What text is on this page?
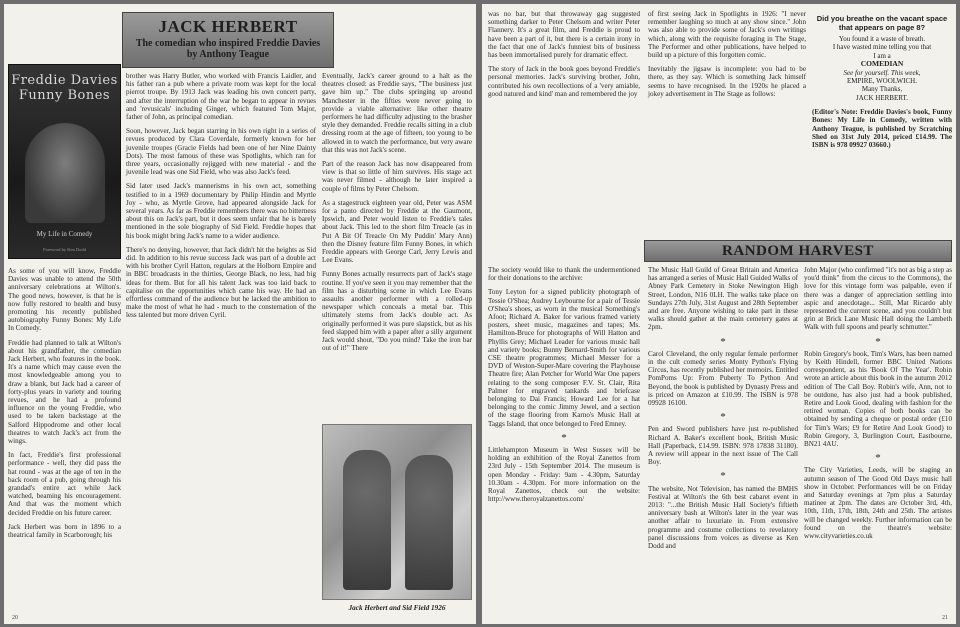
JACK HERBERT
The comedian who inspired Freddie Davies
by Anthony Teague
Freddie Davies
Funny Bones
My Life in Comedy
Foreword by Ken Dodd

As some of you will know, Freddie Davies was unable to attend the 50th anniversary celebrations at Wilton's. The good news, however, is that he is now fully restored to health and busy promoting his recently published autobiography Funny Bones: My Life In Comedy.

Freddie had planned to talk at Wilton's about his grandfather, the comedian Jack Herbert, who features in the book. It's a name which may cause even the most knowledgeable among you to draw a blank, but Jack had a career of forty-plus years in variety and touring revues, and he had a profound influence on the young Freddie, who used to be taken backstage at the Salford Hippodrome and other local theatres to watch Jack's act from the wings.

In fact, Freddie's first professional performance - well, they did pass the hat round - was at the age of ten in the back room of a pub, going through his grandad's entire act while Jack watched, beaming his encouragement. And that was the moment which decided Freddie on his future career.

Jack Herbert was born in 1896 to a theatrical family in Scarborough; his

brother was Harry Butler, who worked with Francis Laidler, and his father ran a pub where a private room was kept for the local pierrot troupe. By 1913 Jack was leading his own concert party, and after the interruption of the war he began to appear in revues and 'revusicals' including Ginger, which featured Tom Major, father of John, as principal comedian.

Soon, however, Jack began starring in his own right in a series of revues produced by Clara Coverdale, formerly known for her juvenile troupes (Gracie Fields had been one of her Nine Dainty Dots). The most famous of these was Spotlights, which ran for three years, occasionally rejigged with new material - and the juvenile lead was one Sid Field, who was also Jack's feed.

Sid later used Jack's mannerisms in his own act, something testified to in a 1969 documentary by Philip Hindin and Myrtle Joy - who, as Myrtle Grove, had appeared alongside Jack for several years. As far as Freddie remembers there was no bitterness about this on Jack's part, but it does seem unfair that he is barely mentioned in the sole biography of Sid Field. Freddie hopes that his book might bring Jack's name to a wider audience.

There's no denying, however, that Jack didn't hit the heights as Sid did. In addition to his revue success Jack was part of a double act with his brother Cyril Hatton, regulars at the Holborn Empire and in BBC broadcasts in the thirties, George Black, no less, had big ideas for them. But for all his talent Jack was too laid back to capitalise on the opportunities which came his way. He had an effortless command of the audience but he lacked the ambition to make the most of what he had - much to the consternation of the less talented but more driven Cyril.

Eventually, Jack's career ground to a halt as the theatres closed: as Freddie says, "The business just gave him up." The clubs springing up around Manchester in the fifties were never going to provide a viable alternative: like other theatre performers he had difficulty adjusting to the brasher style they demanded. Freddie recalls sitting in a club dressing room at the age of fifteen, too young to be allowed in to watch the performance, but very aware that this was not Jack's scene.

Part of the reason Jack has now disappeared from view is that so little of him survives. His stage act was never filmed - although he later inspired a couple of films by Peter Chelsom.

As a stagestruck eighteen year old, Peter was ASM for a panto directed by Freddie at the Gaumont, Ipswich, and Peter would listen to Freddie's tales about Jack. This led to the short film Treacle (as in Put A Bit Of Treacle On My Puddin' Mary Ann) then the Disney feature film Funny Bones, in which Freddie appears with George Carl, Jerry Lewis and Lee Evans.

Funny Bones actually resurrects part of Jack's stage routine. If you've seen it you may remember that the film has a disturbing scene in which Lee Evans assaults another performer with a rolled-up newspaper which conceals a metal bar. This ultimately stems from Jack's double act. As originally performed it was pure slapstick, but as his feed slapped him with a paper after a silly argument Jack would shout, "Do you mind? Take the iron bar out of it!" There

Jack Herbert and Sid Field 1926
20

was no bar, but that throwaway gag suggested something darker to Peter Chelsom and writer Peter Flannery. It's a great film, and Freddie is proud to have been a part of it, but there is a certain irony in the fact that one of Jack's funniest bits of business has been immortalised purely for dramatic effect.

The story of Jack in the book goes beyond Freddie's personal memories. Jack's surviving brother, John, contributed his own recollections of a 'very amiable, good natured and kind' man and remembered the joy

of first seeing Jack in Spotlights in 1926: "I never remember laughing so much at any show since." John was also able to provide some of Jack's own writings which, along with the requisite foraging in The Stage, The Performer and other publications, have helped to build up a picture of this forgotten comic.

Inevitably the jigsaw is incomplete: you had to be there, as they say. Which is something Jack himself seems to have recognised. In the 1920s he placed a jokey advertisement in The Stage as follows:

Did you breathe on the vacant space that appears on page 8?
You found it a waste of breath.
I have wasted mine telling you that
I am a
COMEDIAN
See for yourself. This week,
EMPIRE, WOOLWICH.
Many Thanks,
JACK HERBERT.
(Editor's Note: Freddie Davies's book, Funny Bones: My Life in Comedy, written with Anthony Teague, is published by Scratching Shed on 31st July 2014, priced £14.99. The ISBN is 978 09927 03660.)
RANDOM HARVEST

The society would like to thank the undermentioned for their donations to the archive:

Tony Leyton for a signed publicity photograph of Tessie O'Shea; Audrey Leybourne for a pair of Tessie O'Shea's shoes, as worn in the musical Something's Afoot; Richard A. Baker for various framed variety posters, sheet music, magazines and tapes; Ms. Hamilton-Bruce for photographs of Will Hatton and Phyllis Grey; Michael Leader for various music hall and variety books; Bunny Bernard-Smith for various CSE theatre programmes; Michael Messer for a DVD of Weston-Super-Mare covering the Playhouse Theatre fire; Alan Petcher for World War One papers relating to the song composer F.V. St. Clair, Rita Palmer for engraved tankards and briefcase belonging to Dai Francis; Howard Lee for a hat belonging to the comic Jimmy Jewel, and a section of the stage flooring from Karno's Music Hall at Taggs Island, that once belonged to Fred Emney.

*

Littlehampton Museum in West Sussex will be holding an exhibition of the Royal Zanettos from 23rd July - 15th September 2014. The museum is open Monday - Friday: 9am - 4.30pm, Saturday 10.30am - 4.30pm. For more information on the Royal Zanettos, check out the website: http://www.theroyalzanettos.com/

The Music Hall Guild of Great Britain and America has arranged a series of Music Hall Guided Walks of Abney Park Cemetery in Stoke Newington High Street, London, N16 0LH. The walks take place on Sundays 27th July, 31st August and 28th September and are free. Anyone wishing to take part in these walks should gather at the main cemetery gates at 2pm.

*

Carol Cleveland, the only regular female performer in the cult comedy series Monty Python's Flying Circus, has recently published her memoirs. Entitled PomPoms Up: From Puberty To Python And Beyond, the book is published by Dynasty Press and is priced on Amazon at £10.99. The ISBN is 978 09928 16100.

*

Pen and Sword publishers have just re-published Richard A. Baker's excellent book, British Music Hall (Paperback, £14.99. ISBN: 978 17838 31180). A review will appear in the next issue of The Call Boy.

*

The website, Not Television, has named the BMHS Festival at Wilton's the 6th best cabaret event in 2013: "...the British Music Hall Society's fiftieth anniversary bash at Wilton's later in the year was another affair to luxuriate in. From extensive programme and costume collections to revelatory panel discussions from voices as diverse as Ken Dodd and

John Major (who confirmed "it's not as big a step as you'd think" from the circus to the Commons), the love for this vintage form was palpable, even if there was a danger of appreciation settling into aspic and anecdotage... Still, Mat Ricardo ably represented the current scene, and you couldn't but grin at Brick Lane Music Hall doing the Lambeth Walk with full spoons and pearly schmutter."

*

Robin Gregory's book, Tim's Wars, has been named by Keith Hindell, former BBC United Nations correspondent, as his 'Book Of The Year'. Robin wrote an article about this book in the autumn 2012 edition of The Call Boy. Robin's wife, Ann, not to be outdone, has also just had a book published, Retire and Look Good, dealing with fashion for the retired woman. Copies of both books can be obtained by sending a cheque or postal order (£10 for Tim's Wars; £9 for Retire And Look Good) to Robin Gregory, 3, Burlington Court, Eastbourne, BN21 4AU.

*

The City Varieties, Leeds, will be staging an autumn season of The Good Old Days music hall show in October. Performances will be on Friday and Saturday evenings at 7pm plus a Saturday matinee at 2pm. The dates are October 3rd, 4th, 10th, 11th, 17th, 18th, 24th and 25th. The artistes will be changed weekly. Further information can be found on the theatre's website: www.cityvarieties.co.uk

21
